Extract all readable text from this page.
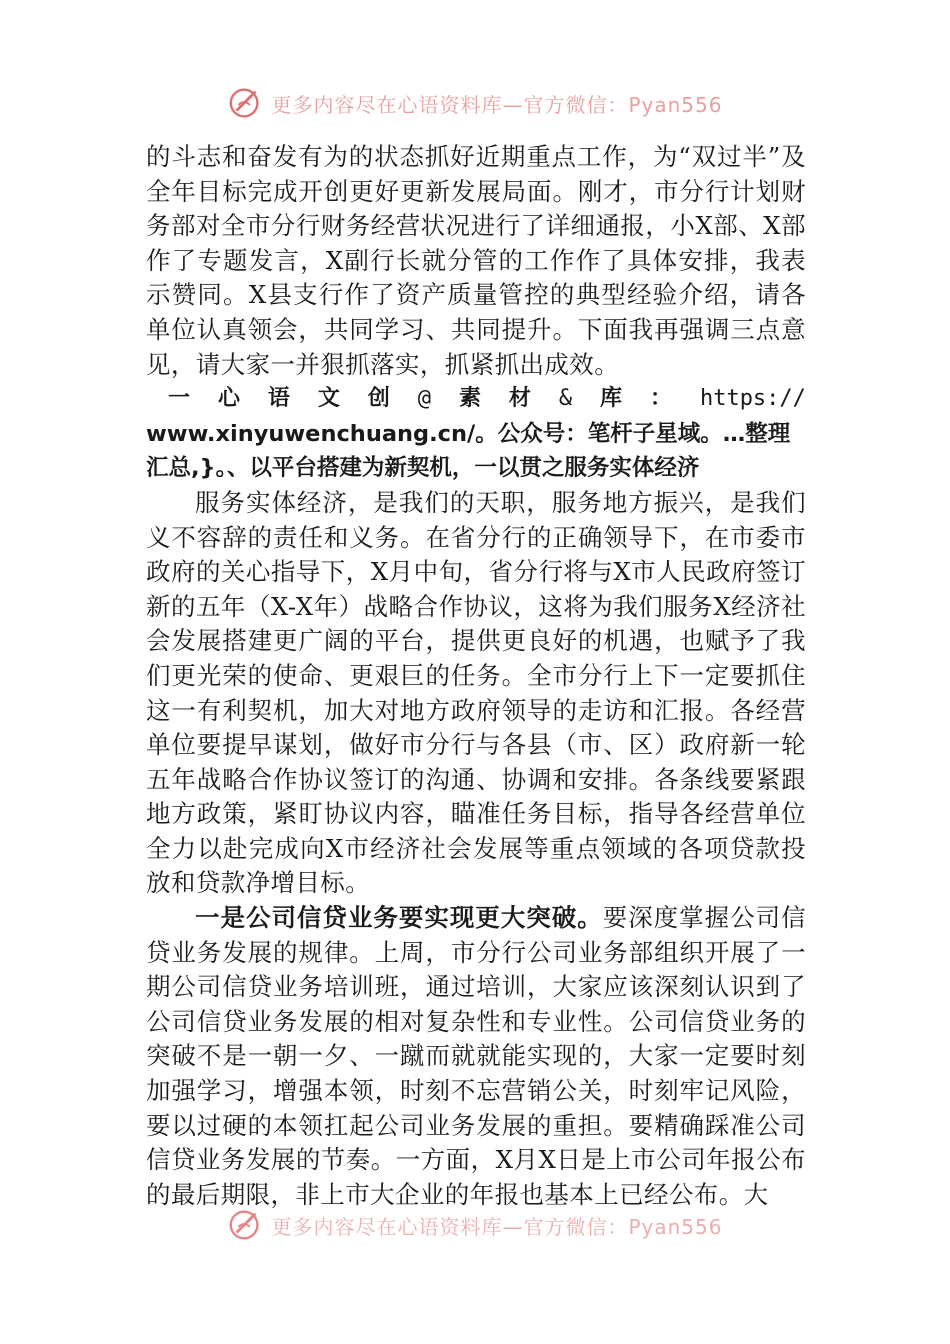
更多内容尽在心语资料库—官方微信：Pyan556

的斗志和奋发有为的状态抓好近期重点工作，为“双过半”及全年目标完成开创更好更新发展局面。刚才，市分行计划财务部对全市分行财务经营状况进行了详细通报，小X部、X部作了专题发言，X副行长就分管的工作作了具体安排，我表示赞同。X县支行作了资产质量管控的典型经验介绍，请各单位认真领会，共同学习、共同提升。下面我再强调三点意见，请大家一并狠抓落实，抓紧抓出成效。

一 心 语 文 创 @ 素 材 & 库 ： https://
www.xinyuwenchuang.cn/。公众号：笔杆子星域。…整理汇总,}。、以平台搭建为新契机，一以贯之服务实体经济

服务实体经济，是我们的天职，服务地方振兴，是我们义不容辞的责任和义务。在省分行的正确领导下，在市委市政府的关心指导下，X月中旬，省分行将与X市人民政府签订新的五年（X-X年）战略合作协议，这将为我们服务X经济社会发展搭建更广阔的平台，提供更良好的机遇，也赋予了我们更光荣的使命、更艰巨的任务。全市分行上下一定要抓住这一有利契机，加大对地方政府领导的走访和汇报。各经营单位要提早谋划，做好市分行与各县（市、区）政府新一轮五年战略合作协议签订的沟通、协调和安排。各条线要紧跟地方政策，紧盯协议内容，瞄准任务目标，指导各经营单位全力以赴完成向X市经济社会发展等重点领域的各项贷款投放和贷款净增目标。

一是公司信贷业务要实现更大突破。要深度掌握公司信贷业务发展的规律。上周，市分行公司业务部组织开展了一期公司信贷业务培训班，通过培训，大家应该深刻认识到了公司信贷业务发展的相对复杂性和专业性。公司信贷业务的突破不是一朝一夕、一蹴而就就能实现的，大家一定要时刻加强学习，增强本领，时刻不忘营销公关，时刻牢记风险，要以过硬的本领扛起公司业务发展的重担。要精确踩准公司信贷业务发展的节奏。一方面，X月X日是上市公司年报公布的最后期限，非上市大企业的年报也基本上已经公布。大

更多内容尽在心语资料库—官方微信：Pyan556
